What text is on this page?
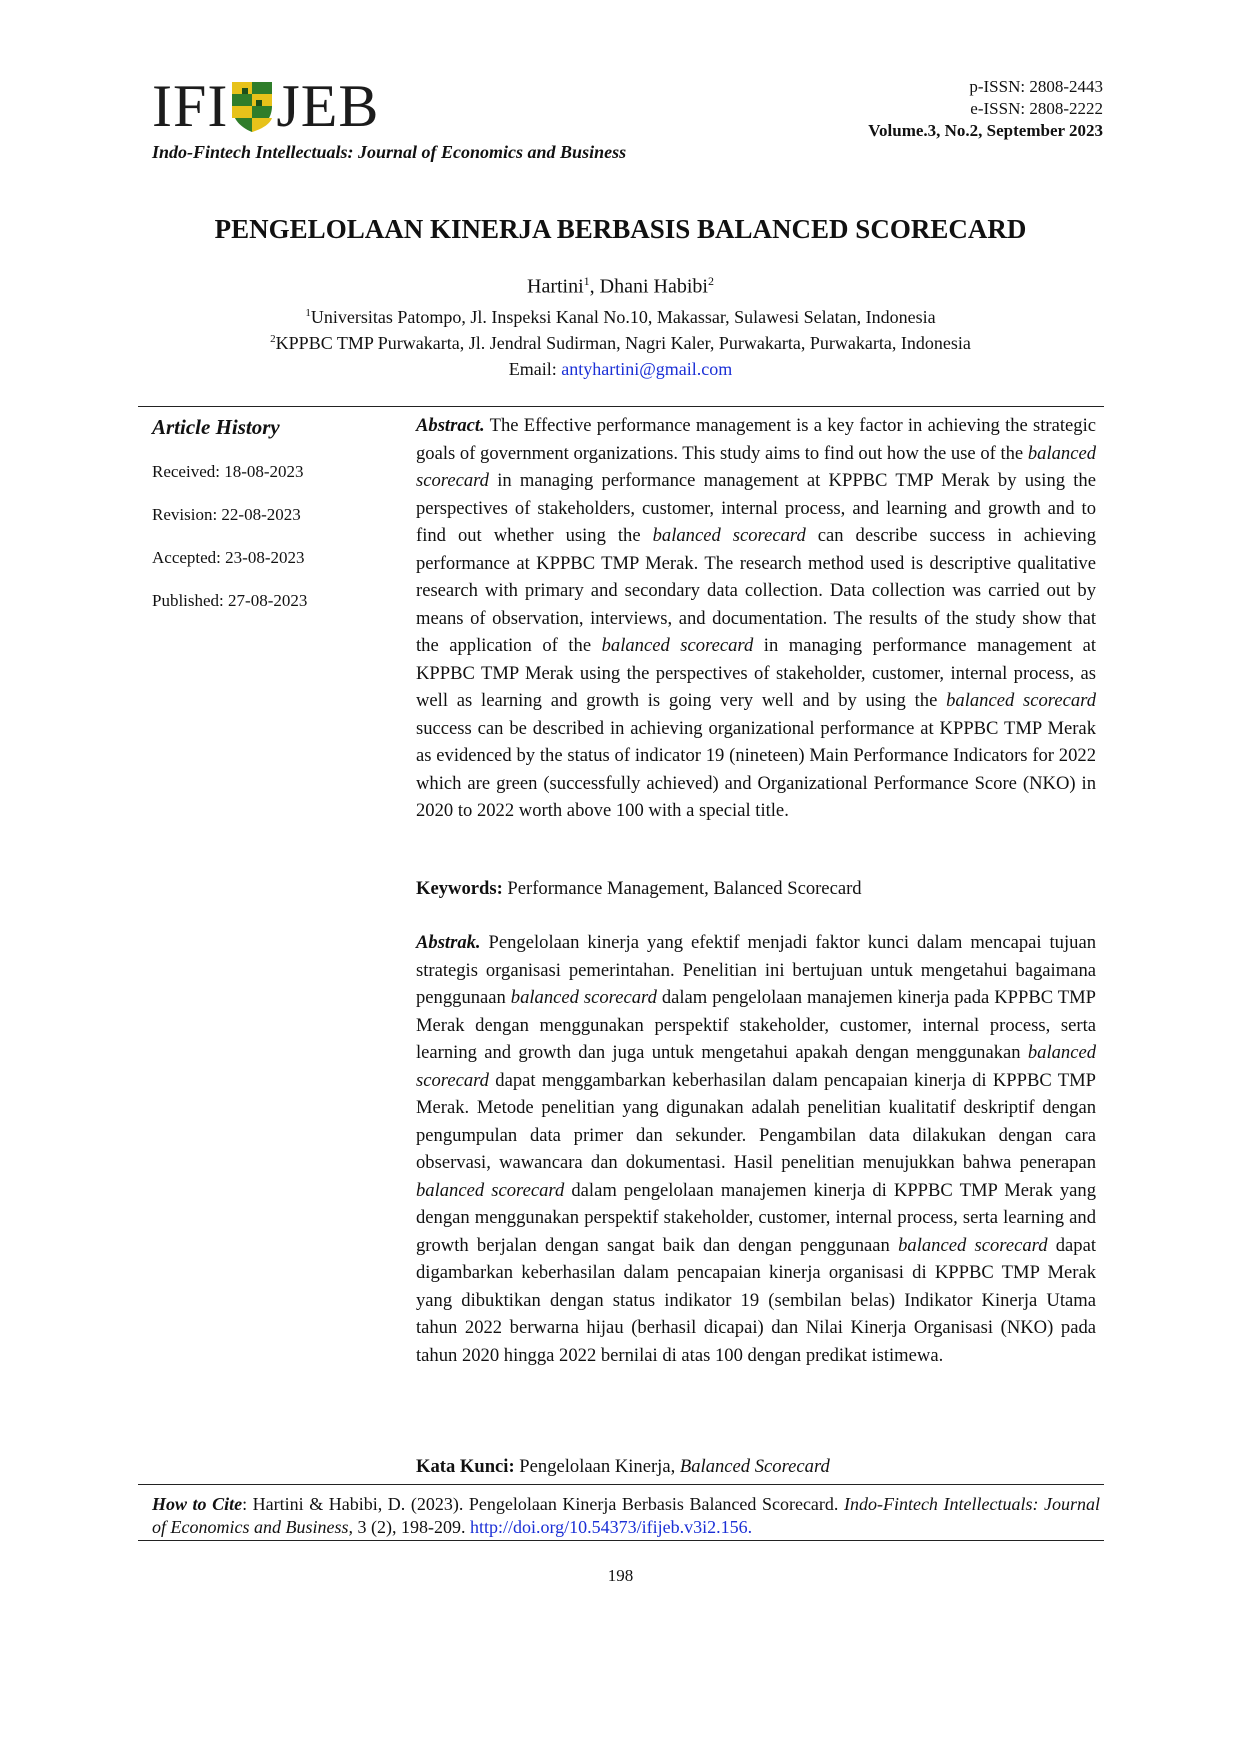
IFI JEB
Indo-Fintech Intellectuals: Journal of Economics and Business
p-ISSN: 2808-2443
e-ISSN: 2808-2222
Volume.3, No.2, September 2023
PENGELOLAAN KINERJA BERBASIS BALANCED SCORECARD
Hartini$^1$, Dhani Habibi$^2$
$^1$Universitas Patompo, Jl. Inspeksi Kanal No.10, Makassar, Sulawesi Selatan, Indonesia
$^2$KPPBC TMP Purwakarta, Jl. Jendral Sudirman, Nagri Kaler, Purwakarta, Purwakarta, Indonesia
Email: antyhartini@gmail.com
Article History
Received: 18-08-2023
Revision: 22-08-2023
Accepted: 23-08-2023
Published: 27-08-2023
Abstract. The Effective performance management is a key factor in achieving the strategic goals of government organizations. This study aims to find out how the use of the balanced scorecard in managing performance management at KPPBC TMP Merak by using the perspectives of stakeholders, customer, internal process, and learning and growth and to find out whether using the balanced scorecard can describe success in achieving performance at KPPBC TMP Merak. The research method used is descriptive qualitative research with primary and secondary data collection. Data collection was carried out by means of observation, interviews, and documentation. The results of the study show that the application of the balanced scorecard in managing performance management at KPPBC TMP Merak using the perspectives of stakeholder, customer, internal process, as well as learning and growth is going very well and by using the balanced scorecard success can be described in achieving organizational performance at KPPBC TMP Merak as evidenced by the status of indicator 19 (nineteen) Main Performance Indicators for 2022 which are green (successfully achieved) and Organizational Performance Score (NKO) in 2020 to 2022 worth above 100 with a special title.
Keywords: Performance Management, Balanced Scorecard
Abstrak. Pengelolaan kinerja yang efektif menjadi faktor kunci dalam mencapai tujuan strategis organisasi pemerintahan. Penelitian ini bertujuan untuk mengetahui bagaimana penggunaan balanced scorecard dalam pengelolaan manajemen kinerja pada KPPBC TMP Merak dengan menggunakan perspektif stakeholder, customer, internal process, serta learning and growth dan juga untuk mengetahui apakah dengan menggunakan balanced scorecard dapat menggambarkan keberhasilan dalam pencapaian kinerja di KPPBC TMP Merak. Metode penelitian yang digunakan adalah penelitian kualitatif deskriptif dengan pengumpulan data primer dan sekunder. Pengambilan data dilakukan dengan cara observasi, wawancara dan dokumentasi. Hasil penelitian menujukkan bahwa penerapan balanced scorecard dalam pengelolaan manajemen kinerja di KPPBC TMP Merak yang dengan menggunakan perspektif stakeholder, customer, internal process, serta learning and growth berjalan dengan sangat baik dan dengan penggunaan balanced scorecard dapat digambarkan keberhasilan dalam pencapaian kinerja organisasi di KPPBC TMP Merak yang dibuktikan dengan status indikator 19 (sembilan belas) Indikator Kinerja Utama tahun 2022 berwarna hijau (berhasil dicapai) dan Nilai Kinerja Organisasi (NKO) pada tahun 2020 hingga 2022 bernilai di atas 100 dengan predikat istimewa.
Kata Kunci: Pengelolaan Kinerja, Balanced Scorecard
How to Cite: Hartini & Habibi, D. (2023). Pengelolaan Kinerja Berbasis Balanced Scorecard. Indo-Fintech Intellectuals: Journal of Economics and Business, 3 (2), 198-209. http://doi.org/10.54373/ifijeb.v3i2.156.
198
